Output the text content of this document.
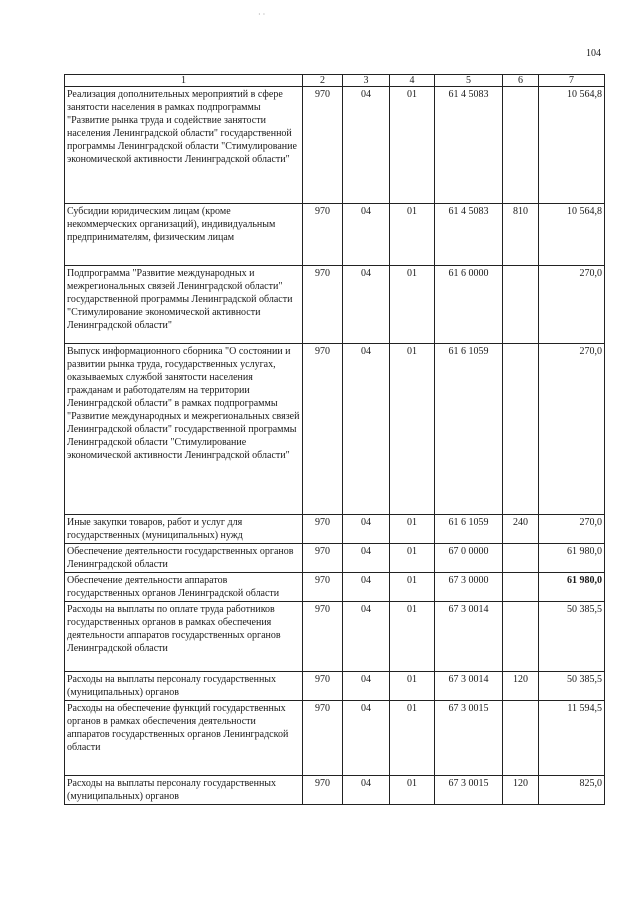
104
1	2	3	4	5	6	7
Реализация дополнительных мероприятий в сфере занятости населения в рамках подпрограммы "Развитие рынка труда и содействие занятости населения Ленинградской области" государственной программы Ленинградской области "Стимулирование экономической активности Ленинградской области"	970	04	01	61 4 5083		10 564,8
Субсидии юридическим лицам (кроме некоммерческих организаций), индивидуальным предпринимателям, физическим лицам	970	04	01	61 4 5083	810	10 564,8
Подпрограмма "Развитие международных и межрегиональных связей Ленинградской области" государственной программы Ленинградской области "Стимулирование экономической активности Ленинградской области"	970	04	01	61 6 0000		270,0
Выпуск информационного сборника "О состоянии и развитии рынка труда, государственных услугах, оказываемых службой занятости населения гражданам и работодателям на территории Ленинградской области" в рамках подпрограммы "Развитие международных и межрегиональных связей Ленинградской области" государственной программы Ленинградской области "Стимулирование экономической активности Ленинградской области"	970	04	01	61 6 1059		270,0
Иные закупки товаров, работ и услуг для государственных (муниципальных) нужд	970	04	01	61 6 1059	240	270,0
Обеспечение деятельности государственных органов Ленинградской области	970	04	01	67 0 0000		61 980,0
Обеспечение деятельности аппаратов государственных органов Ленинградской области	970	04	01	67 3 0000		61 980,0
Расходы на выплаты по оплате труда работников государственных органов в рамках обеспечения деятельности аппаратов государственных органов Ленинградской области	970	04	01	67 3 0014		50 385,5
Расходы на выплаты персоналу государственных (муниципальных) органов	970	04	01	67 3 0014	120	50 385,5
Расходы на обеспечение функций государственных органов в рамках обеспечения деятельности аппаратов государственных органов Ленинградской области	970	04	01	67 3 0015		11 594,5
Расходы на выплаты персоналу государственных (муниципальных) органов	970	04	01	67 3 0015	120	825,0
· ·
